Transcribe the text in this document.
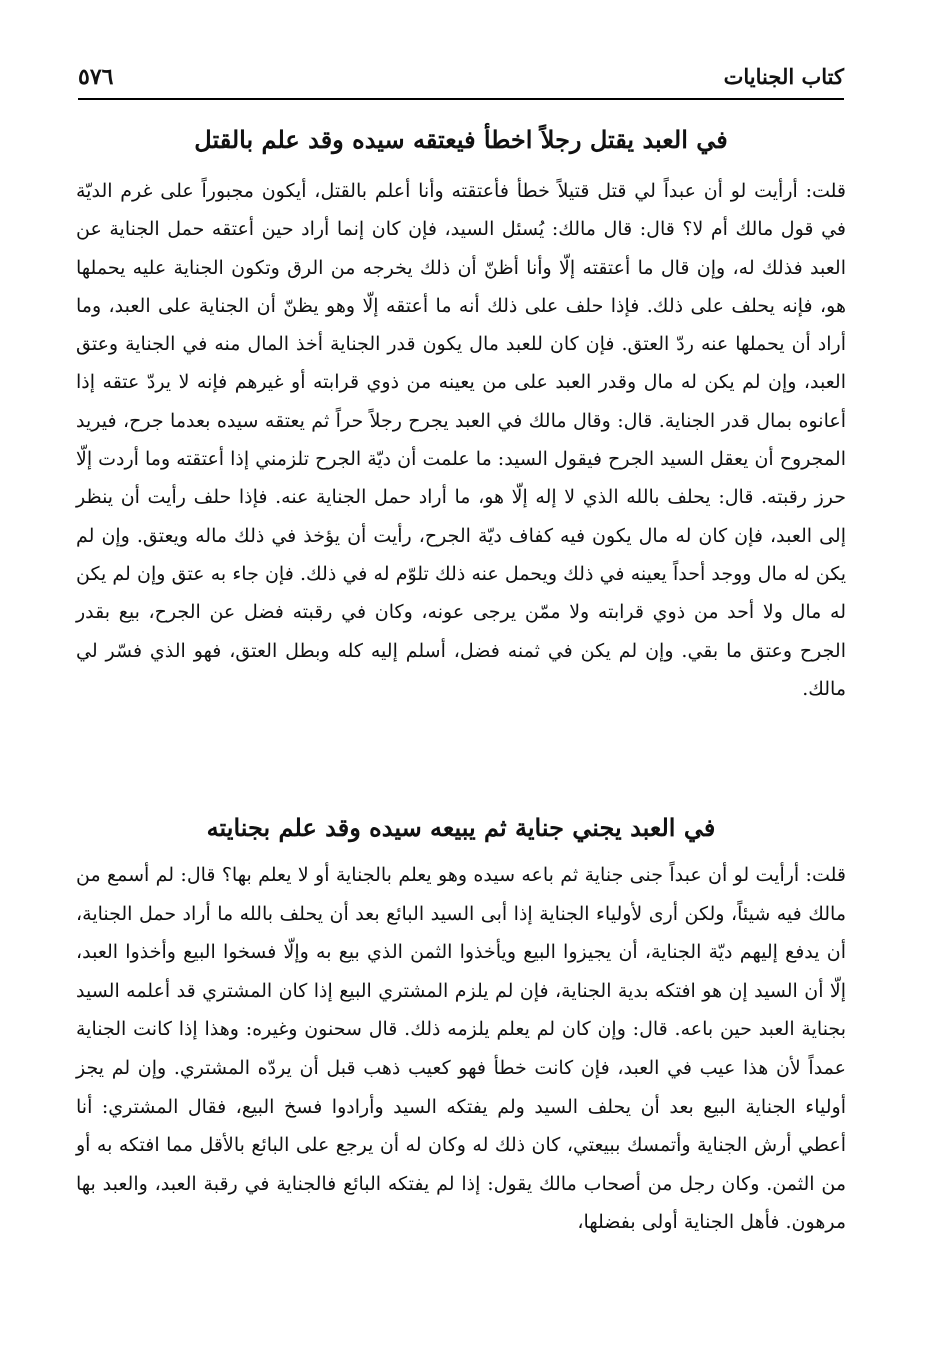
كتاب الجنايات
٥٧٦
في العبد يقتل رجلاً اخطأ فيعتقه سيده وقد علم بالقتل

قلت: أرأيت لو أن عبداً لي قتل قتيلاً خطأ فأعتقته وأنا أعلم بالقتل، أيكون مجبوراً على غرم الديّة في قول مالك أم لا؟ قال: قال مالك: يُسئل السيد، فإن كان إنما أراد حين أعتقه حمل الجناية عن العبد فذلك له، وإن قال ما أعتقته إلّا وأنا أظنّ أن ذلك يخرجه من الرق وتكون الجناية عليه يحملها هو، فإنه يحلف على ذلك. فإذا حلف على ذلك أنه ما أعتقه إلّا وهو يظنّ أن الجناية على العبد، وما أراد أن يحملها عنه ردّ العتق. فإن كان للعبد مال يكون قدر الجناية أخذ المال منه في الجناية وعتق العبد، وإن لم يكن له مال وقدر العبد على من يعينه من ذوي قرابته أو غيرهم فإنه لا يردّ عتقه إذا أعانوه بمال قدر الجناية. قال: وقال مالك في العبد يجرح رجلاً حراً ثم يعتقه سيده بعدما جرح، فيريد المجروح أن يعقل السيد الجرح فيقول السيد: ما علمت أن ديّة الجرح تلزمني إذا أعتقته وما أردت إلّا حرز رقبته. قال: يحلف بالله الذي لا إله إلّا هو، ما أراد حمل الجناية عنه. فإذا حلف رأيت أن ينظر إلى العبد، فإن كان له مال يكون فيه كفاف ديّة الجرح، رأيت أن يؤخذ في ذلك ماله ويعتق. وإن لم يكن له مال ووجد أحداً يعينه في ذلك ويحمل عنه ذلك تلوّم له في ذلك. فإن جاء به عتق وإن لم يكن له مال ولا أحد من ذوي قرابته ولا ممّن يرجى عونه، وكان في رقبته فضل عن الجرح، بيع بقدر الجرح وعتق ما بقي. وإن لم يكن في ثمنه فضل، أسلم إليه كله وبطل العتق، فهو الذي فسّر لي مالك.

في العبد يجني جناية ثم يبيعه سيده وقد علم بجنايته

قلت: أرأيت لو أن عبداً جنى جناية ثم باعه سيده وهو يعلم بالجناية أو لا يعلم بها؟ قال: لم أسمع من مالك فيه شيئاً، ولكن أرى لأولياء الجناية إذا أبى السيد البائع بعد أن يحلف بالله ما أراد حمل الجناية، أن يدفع إليهم ديّة الجناية، أن يجيزوا البيع ويأخذوا الثمن الذي بيع به وإلّا فسخوا البيع وأخذوا العبد، إلّا أن السيد إن هو افتكه بدية الجناية، فإن لم يلزم المشتري البيع إذا كان المشتري قد أعلمه السيد بجناية العبد حين باعه. قال: وإن كان لم يعلم يلزمه ذلك. قال سحنون وغيره: وهذا إذا كانت الجناية عمداً لأن هذا عيب في العبد، فإن كانت خطأ فهو كعيب ذهب قبل أن يردّه المشتري. وإن لم يجز أولياء الجناية البيع بعد أن يحلف السيد ولم يفتكه السيد وأرادوا فسخ البيع، فقال المشتري: أنا أعطي أرش الجناية وأتمسك ببيعتي، كان ذلك له وكان له أن يرجع على البائع بالأقل مما افتكه به أو من الثمن. وكان رجل من أصحاب مالك يقول: إذا لم يفتكه البائع فالجناية في رقبة العبد، والعبد بها مرهون. فأهل الجناية أولى بفضلها،
